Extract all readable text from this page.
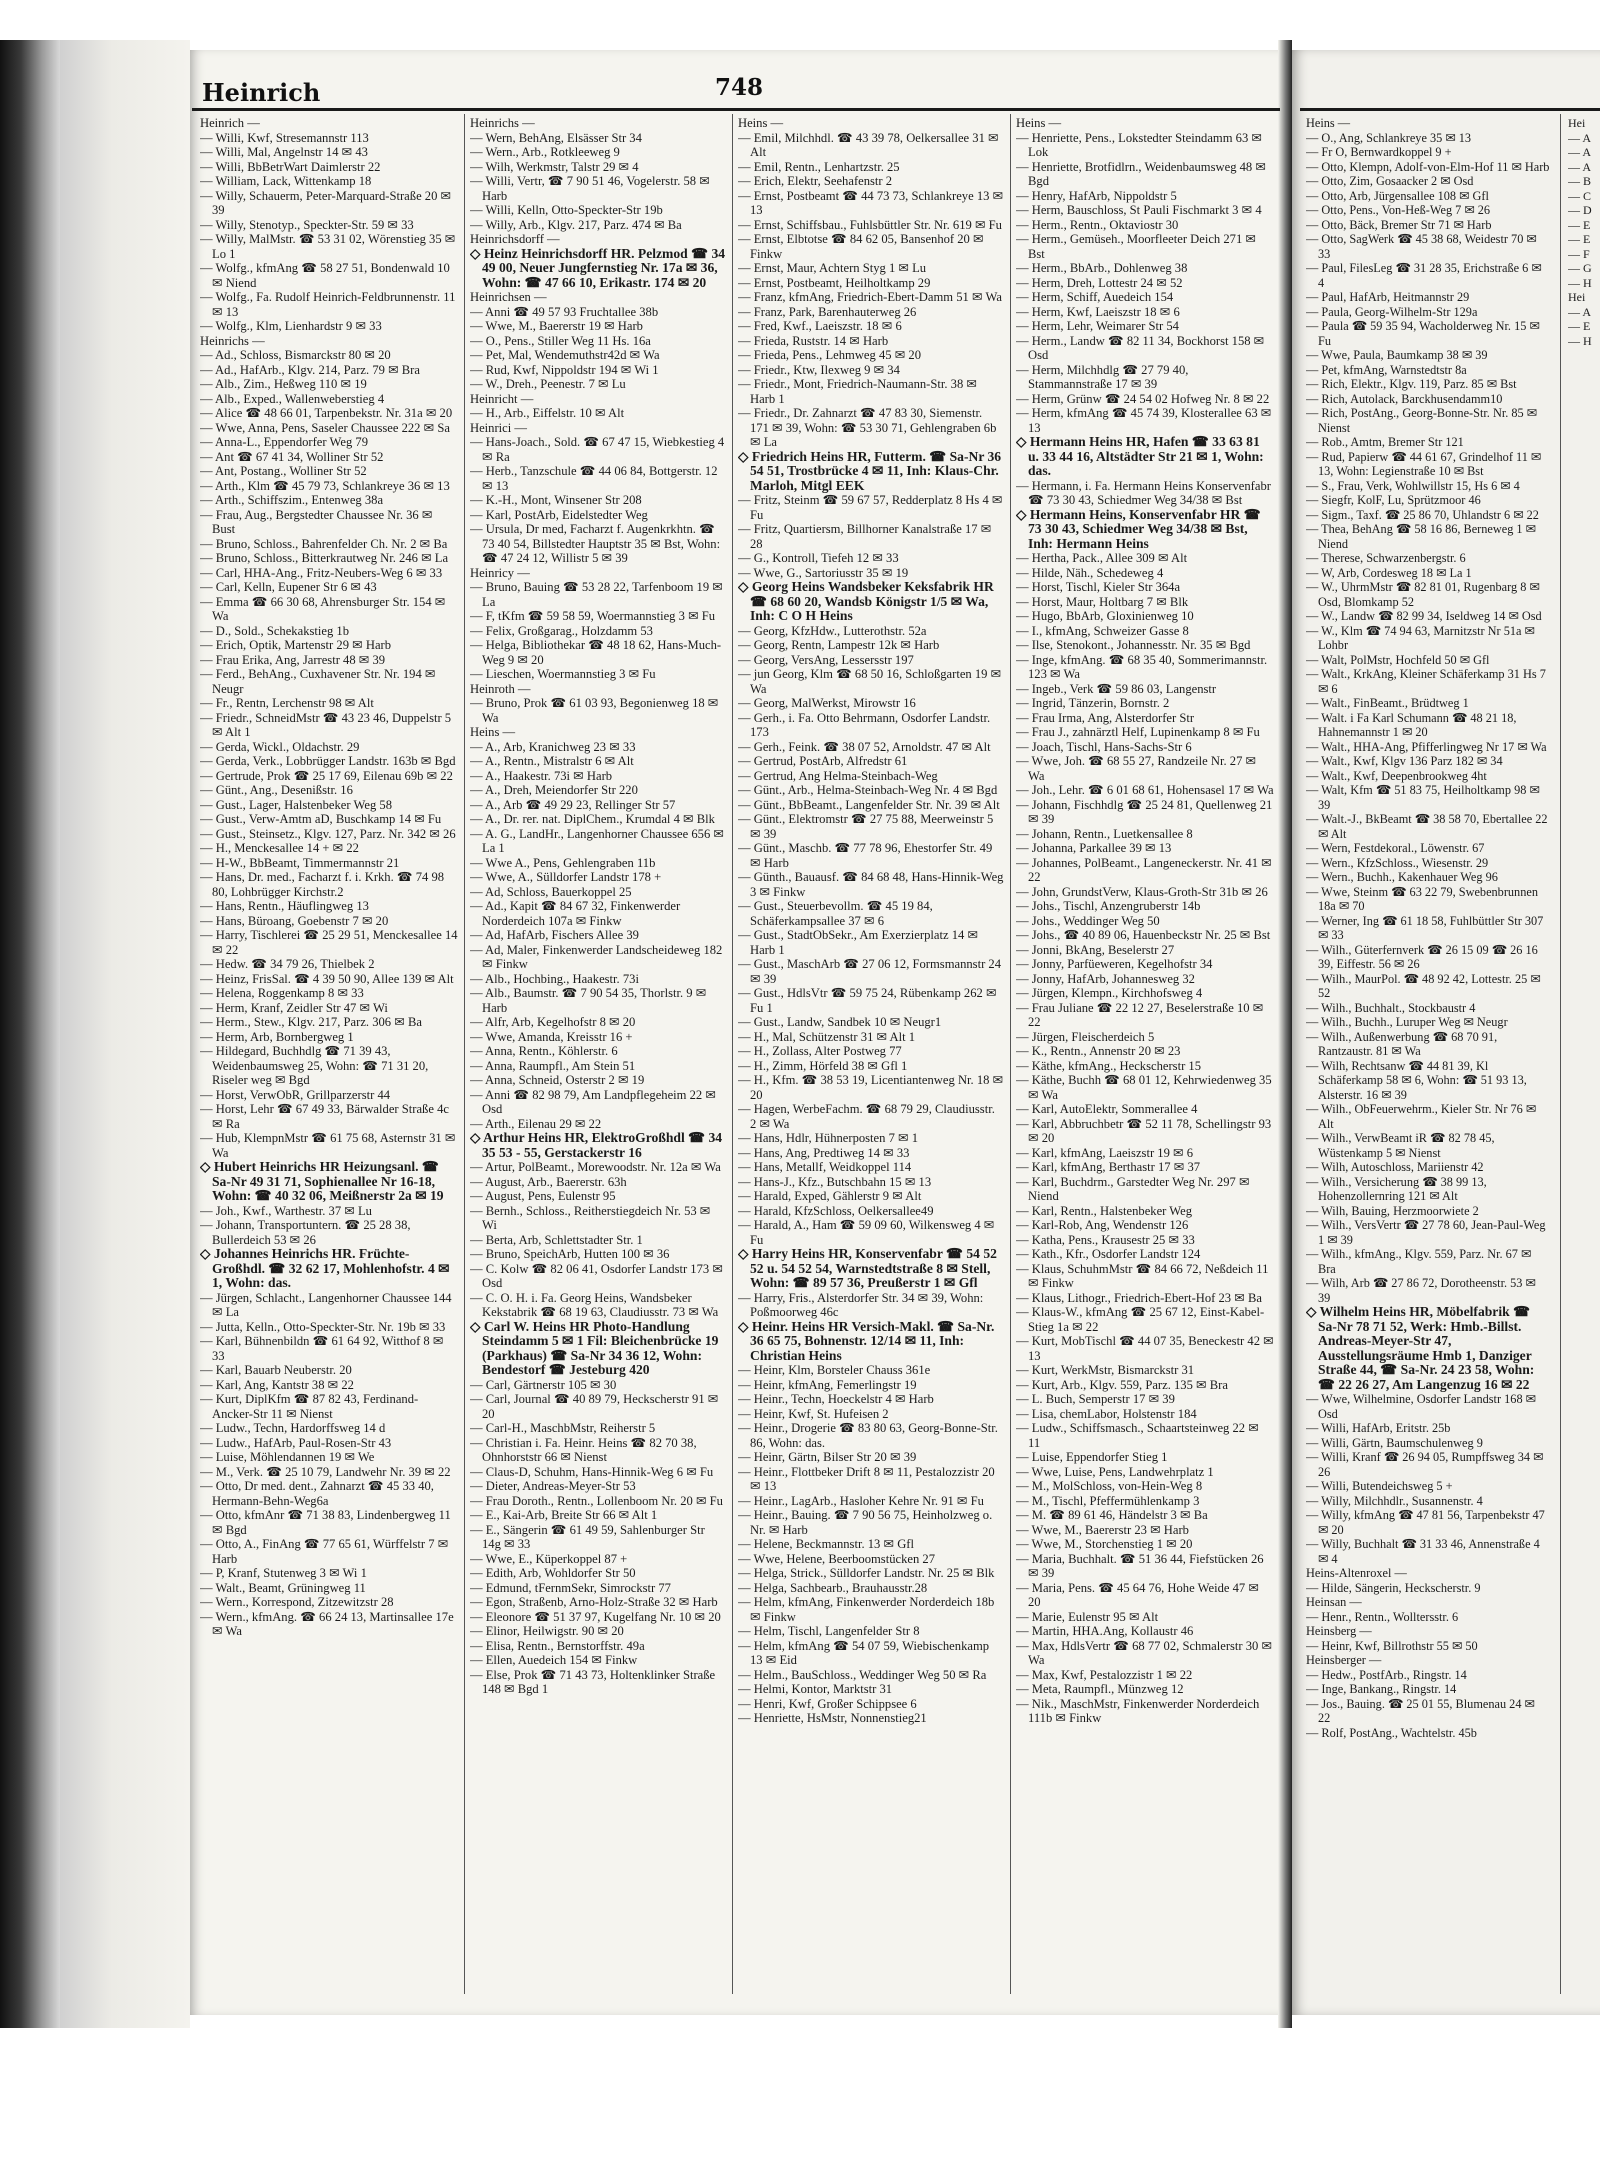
Heinrich	748

Heinrich —

— Willi, Kwf, Stresemannstr 113

— Willi, Mal, Angelnstr 14 ✉ 43

— Willi, BbBetrWart Daimlerstr 22

— William, Lack, Wittenkamp 18

— Willy, Schauerm, Peter-Marquard-Straße 20 ✉ 39

— Willy, Stenotyp., Speckter-Str. 59 ✉ 33

— Willy, MalMstr. ☎ 53 31 02, Wörenstieg 35 ✉ Lo 1

— Wolfg., kfmAng ☎ 58 27 51, Bondenwald 10 ✉ Niend

— Wolfg., Fa. Rudolf Heinrich-Feldbrunnenstr. 11 ✉ 13

— Wolfg., Klm, Lienhardstr 9 ✉ 33

Heinrichs —

— Ad., Schloss, Bismarckstr 80 ✉ 20

— Ad., HafArb., Klgv. 214, Parz. 79 ✉ Bra

— Alb., Zim., Heßweg 110 ✉ 19

— Alb., Exped., Wallenweberstieg 4

— Alice ☎ 48 66 01, Tarpenbekstr. Nr. 31a ✉ 20

— Wwe, Anna, Pens, Saseler Chaussee 222 ✉ Sa

— Anna-L., Eppendorfer Weg 79

— Ant ☎ 67 41 34, Wolliner Str 52

— Ant, Postang., Wolliner Str 52

— Arth., Klm ☎ 45 79 73, Schlankreye 36 ✉ 13

— Arth., Schiffszim., Entenweg 38a

— Frau, Aug., Bergstedter Chaussee Nr. 36 ✉ Bust

— Bruno, Schloss., Bahrenfelder Ch. Nr. 2 ✉ Ba

— Bruno, Schloss., Bitterkrautweg Nr. 246 ✉ La

— Carl, HHA-Ang., Fritz-Neubers-Weg 6 ✉ 33

— Carl, Kelln, Eupener Str 6 ✉ 43

— Emma ☎ 66 30 68, Ahrensburger Str. 154 ✉ Wa

— D., Sold., Schekakstieg 1b

— Erich, Optik, Martenstr 29 ✉ Harb

— Frau Erika, Ang, Jarrestr 48 ✉ 39

— Ferd., BehAng., Cuxhavener Str. Nr. 194 ✉ Neugr

— Fr., Rentn, Lerchenstr 98 ✉ Alt

— Friedr., SchneidMstr ☎ 43 23 46, Duppelstr 5 ✉ Alt 1

— Gerda, Wickl., Oldachstr. 29

— Gerda, Verk., Lobbrügger Landstr. 163b ✉ Bgd

— Gertrude, Prok ☎ 25 17 69, Eilenau 69b ✉ 22

— Günt., Ang., Desenißstr. 16

— Gust., Lager, Halstenbeker Weg 58

— Gust., Verw-Amtm aD, Buschkamp 14 ✉ Fu

— Gust., Steinsetz., Klgv. 127, Parz. Nr. 342 ✉ 26

— H., Menckesallee 14 + ✉ 22

— H-W., BbBeamt, Timmermannstr 21

— Hans, Dr. med., Facharzt f. i. Krkh. ☎ 74 98 80, Lohbrügger Kirchstr.2

— Hans, Rentn., Häuflingweg 13

— Hans, Büroang, Goebenstr 7 ✉ 20

— Harry, Tischlerei ☎ 25 29 51, Menckesallee 14 ✉ 22

— Hedw. ☎ 34 79 26, Thielbek 2

— Heinz, FrisSal. ☎ 4 39 50 90, Allee 139 ✉ Alt

— Helena, Roggenkamp 8 ✉ 33

— Herm, Kranf, Zeidler Str 47 ✉ Wi

— Herm., Stew., Klgv. 217, Parz. 306 ✉ Ba

— Herm, Arb, Bornbergweg 1

— Hildegard, Buchhdlg ☎ 71 39 43, Weidenbaumsweg 25, Wohn: ☎ 71 31 20, Riseler weg ✉ Bgd

— Horst, VerwObR, Grillparzerstr 44

— Horst, Lehr ☎ 67 49 33, Bärwalder Straße 4c ✉ Ra

— Hub, KlempnMstr ☎ 61 75 68, Asternstr 31 ✉ Wa

◇ Hubert Heinrichs HR Heizungsanl. ☎ Sa-Nr 49 31 71, Sophienallee Nr 16-18, Wohn: ☎ 40 32 06, Meißnerstr 2a ✉ 19

— Joh., Kwf., Warthestr. 37 ✉ Lu

— Johann, Transportuntern. ☎ 25 28 38, Bullerdeich 53 ✉ 26

◇ Johannes Heinrichs HR. Früchte-Großhdl. ☎ 32 62 17, Mohlenhofstr. 4 ✉ 1, Wohn: das.

— Jürgen, Schlacht., Langenhorner Chaussee 144 ✉ La

— Jutta, Kelln., Otto-Speckter-Str. Nr. 19b ✉ 33

— Karl, Bühnenbildn ☎ 61 64 92, Witthof 8 ✉ 33

— Karl, Bauarb Neuberstr. 20

— Karl, Ang, Kantstr 38 ✉ 22

— Kurt, DiplKfm ☎ 87 82 43, Ferdinand-Ancker-Str 11 ✉ Nienst

— Ludw., Techn, Hardorffsweg 14 d

— Ludw., HafArb, Paul-Rosen-Str 43

— Luise, Möhlendannen 19 ✉ We

— M., Verk. ☎ 25 10 79, Landwehr Nr. 39 ✉ 22

— Otto, Dr med. dent., Zahnarzt ☎ 45 33 40, Hermann-Behn-Weg6a

— Otto, kfmAnr ☎ 71 38 83, Lindenbergweg 11 ✉ Bgd

— Otto, A., FinAng ☎ 77 65 61, Würffelstr 7 ✉ Harb

— P, Kranf, Stutenweg 3 ✉ Wi 1

— Walt., Beamt, Grüningweg 11

— Wern., Korrespond, Zitzewitzstr 28

— Wern., kfmAng. ☎ 66 24 13, Martinsallee 17e ✉ Wa

Heinrichs —

— Wern, BehAng, Elsässer Str 34

— Wern., Arb., Rotkleeweg 9

— Wilh, Werkmstr, Talstr 29 ✉ 4

— Willi, Vertr, ☎ 7 90 51 46, Vogelerstr. 58 ✉ Harb

— Willi, Kelln, Otto-Speckter-Str 19b

— Willy, Arb., Klgv. 217, Parz. 474 ✉ Ba

Heinrichsdorff —

◇ Heinz Heinrichsdorff HR. Pelzmod ☎ 34 49 00, Neuer Jungfernstieg Nr. 17a ✉ 36, Wohn: ☎ 47 66 10, Erikastr. 174 ✉ 20

Heinrichsen —

— Anni ☎ 49 57 93 Fruchtallee 38b

— Wwe, M., Baererstr 19 ✉ Harb

— O., Pens., Stiller Weg 11 Hs. 16a

— Pet, Mal, Wendemuthstr42d ✉ Wa

— Rud, Kwf, Nippoldstr 194 ✉ Wi 1

— W., Dreh., Peenestr. 7 ✉ Lu

Heinricht —

— H., Arb., Eiffelstr. 10 ✉ Alt

Heinrici —

— Hans-Joach., Sold. ☎ 67 47 15, Wiebkestieg 4 ✉ Ra

— Herb., Tanzschule ☎ 44 06 84, Bottgerstr. 12 ✉ 13

— K.-H., Mont, Winsener Str 208

— Karl, PostArb, Eidelstedter Weg

— Ursula, Dr med, Facharzt f. Augenkrkhtn. ☎ 73 40 54, Billstedter Hauptstr 35 ✉ Bst, Wohn: ☎ 47 24 12, Willistr 5 ✉ 39

Heinricy —

— Bruno, Bauing ☎ 53 28 22, Tarfenboom 19 ✉ La

— F, tKfm ☎ 59 58 59, Woermannstieg 3 ✉ Fu

— Felix, Großgarag., Holzdamm 53

— Helga, Bibliothekar ☎ 48 18 62, Hans-Much-Weg 9 ✉ 20

— Lieschen, Woermannstieg 3 ✉ Fu

Heinroth —

— Bruno, Prok ☎ 61 03 93, Begonienweg 18 ✉ Wa

Heins —

— A., Arb, Kranichweg 23 ✉ 33

— A., Rentn., Mistralstr 6 ✉ Alt

— A., Haakestr. 73i ✉ Harb

— A., Dreh, Meiendorfer Str 220

— A., Arb ☎ 49 29 23, Rellinger Str 57

— A., Dr. rer. nat. DiplChem., Krumdal 4 ✉ Blk

— A. G., LandHr., Langenhorner Chaussee 656 ✉ La 1

— Wwe A., Pens, Gehlengraben 11b

— Wwe, A., Sülldorfer Landstr 178 +

— Ad, Schloss, Bauerkoppel 25

— Ad., Kapit ☎ 84 67 32, Finkenwerder Norderdeich 107a ✉ Finkw

— Ad, HafArb, Fischers Allee 39

— Ad, Maler, Finkenwerder Landscheideweg 182 ✉ Finkw

— Alb., Hochbing., Haakestr. 73i

— Alb., Baumstr. ☎ 7 90 54 35, Thorlstr. 9 ✉ Harb

— Alfr, Arb, Kegelhofstr 8 ✉ 20

— Wwe, Amanda, Kreisstr 16 +

— Anna, Rentn., Köhlerstr. 6

— Anna, Raumpfl., Am Stein 51

— Anna, Schneid, Osterstr 2 ✉ 19

— Anni ☎ 82 98 79, Am Landpflegeheim 22 ✉ Osd

— Arth., Eilenau 29 ✉ 22

◇ Arthur Heins HR, ElektroGroßhdl ☎ 34 35 53 - 55, Gerstackerstr 16

— Artur, PolBeamt., Morewoodstr. Nr. 12a ✉ Wa

— August, Arb., Baererstr. 63h

— August, Pens, Eulenstr 95

— Bernh., Schloss., Reitherstiegdeich Nr. 53 ✉ Wi

— Berta, Arb, Schlettstadter Str. 1

— Bruno, SpeichArb, Hutten 100 ✉ 36

— C. Kolw ☎ 82 06 41, Osdorfer Landstr 173 ✉ Osd

— C. O. H. i. Fa. Georg Heins, Wandsbeker Kekstabrik ☎ 68 19 63, Claudiusstr. 73 ✉ Wa

◇ Carl W. Heins HR Photo-Handlung Steindamm 5 ✉ 1 Fil: Bleichenbrücke 19 (Parkhaus) ☎ Sa-Nr 34 36 12, Wohn: Bendestorf ☎ Jesteburg 420

— Carl, Gärtnerstr 105 ✉ 30

— Carl, Journal ☎ 40 89 79, Heckscherstr 91 ✉ 20

— Carl-H., MaschbMstr, Reiherstr 5

— Christian i. Fa. Heinr. Heins ☎ 82 70 38, Ohnhorststr 66 ✉ Nienst

— Claus-D, Schuhm, Hans-Hinnik-Weg 6 ✉ Fu

— Dieter, Andreas-Meyer-Str 53

— Frau Doroth., Rentn., Lollenboom Nr. 20 ✉ Fu

— E., Kai-Arb, Breite Str 66 ✉ Alt 1

— E., Sängerin ☎ 61 49 59, Sahlenburger Str 14g ✉ 33

— Wwe, E., Küperkoppel 87 +

— Edith, Arb, Wohldorfer Str 50

— Edmund, tFernmSekr, Simrockstr 77

— Egon, Straßenb, Arno-Holz-Straße 32 ✉ Harb

— Eleonore ☎ 51 37 97, Kugelfang Nr. 10 ✉ 20

— Elinor, Heilwigstr. 90 ✉ 20

— Elisa, Rentn., Bernstorffstr. 49a

— Ellen, Auedeich 154 ✉ Finkw

— Else, Prok ☎ 71 43 73, Holtenklinker Straße 148 ✉ Bgd 1

Heins —

— Emil, Milchhdl. ☎ 43 39 78, Oelkersallee 31 ✉ Alt

— Emil, Rentn., Lenhartzstr. 25

— Erich, Elektr, Seehafenstr 2

— Ernst, Postbeamt ☎ 44 73 73, Schlankreye 13 ✉ 13

— Ernst, Schiffsbau., Fuhlsbüttler Str. Nr. 619 ✉ Fu

— Ernst, Elbtotse ☎ 84 62 05, Bansenhof 20 ✉ Finkw

— Ernst, Maur, Achtern Styg 1 ✉ Lu

— Ernst, Postbeamt, Heilholtkamp 29

— Franz, kfmAng, Friedrich-Ebert-Damm 51 ✉ Wa

— Franz, Park, Barenhauterweg 26

— Fred, Kwf., Laeiszstr. 18 ✉ 6

— Frieda, Ruststr. 14 ✉ Harb

— Frieda, Pens., Lehmweg 45 ✉ 20

— Friedr., Ktw, Ilexweg 9 ✉ 34

— Friedr., Mont, Friedrich-Naumann-Str. 38 ✉ Harb 1

— Friedr., Dr. Zahnarzt ☎ 47 83 30, Siemenstr. 171 ✉ 39, Wohn: ☎ 53 30 71, Gehlengraben 6b ✉ La

◇ Friedrich Heins HR, Futterm. ☎ Sa-Nr 36 54 51, Trostbrücke 4 ✉ 11, Inh: Klaus-Chr. Marloh, Mitgl EEK

— Fritz, Steinm ☎ 59 67 57, Redderplatz 8 Hs 4 ✉ Fu

— Fritz, Quartiersm, Billhorner Kanalstraße 17 ✉ 28

— G., Kontroll, Tiefeh 12 ✉ 33

— Wwe, G., Sartoriusstr 35 ✉ 19

◇ Georg Heins Wandsbeker Keksfabrik HR ☎ 68 60 20, Wandsb Königstr 1/5 ✉ Wa, Inh: C O H Heins

— Georg, KfzHdw., Lutterothstr. 52a

— Georg, Rentn, Lampestr 12k ✉ Harb

— Georg, VersAng, Lessersstr 197

— jun Georg, Klm ☎ 68 50 16, Schloßgarten 19 ✉ Wa

— Georg, MalWerkst, Mirowstr 16

— Gerh., i. Fa. Otto Behrmann, Osdorfer Landstr. 173

— Gerh., Feink. ☎ 38 07 52, Arnoldstr. 47 ✉ Alt

— Gertrud, PostArb, Alfredstr 61

— Gertrud, Ang Helma-Steinbach-Weg

— Günt., Arb., Helma-Steinbach-Weg Nr. 4 ✉ Bgd

— Günt., BbBeamt., Langenfelder Str. Nr. 39 ✉ Alt

— Günt., Elektromstr ☎ 27 75 88, Meerweinstr 5 ✉ 39

— Günt., Maschb. ☎ 77 78 96, Ehestorfer Str. 49 ✉ Harb

— Günth., Bauausf. ☎ 84 68 48, Hans-Hinnik-Weg 3 ✉ Finkw

— Gust., Steuerbevollm. ☎ 45 19 84, Schäferkampsallee 37 ✉ 6

— Gust., StadtObSekr., Am Exerzierplatz 14 ✉ Harb 1

— Gust., MaschArb ☎ 27 06 12, Formsmannstr 24 ✉ 39

— Gust., HdlsVtr ☎ 59 75 24, Rübenkamp 262 ✉ Fu 1

— Gust., Landw, Sandbek 10 ✉ Neugr1

— H., Mal, Schützenstr 31 ✉ Alt 1

— H., Zollass, Alter Postweg 77

— H., Zimm, Hörfeld 38 ✉ Gfl 1

— H., Kfm. ☎ 38 53 19, Licentiantenweg Nr. 18 ✉ 20

— Hagen, WerbeFachm. ☎ 68 79 29, Claudiusstr. 2 ✉ Wa

— Hans, Hdlr, Hühnerposten 7 ✉ 1

— Hans, Ang, Predtiweg 14 ✉ 33

— Hans, Metallf, Weidkoppel 114

— Hans-J., Kfz., Butschbahn 15 ✉ 13

— Harald, Exped, Gählerstr 9 ✉ Alt

— Harald, KfzSchloss, Oelkersallee49

— Harald, A., Ham ☎ 59 09 60, Wilkensweg 4 ✉ Fu

◇ Harry Heins HR, Konservenfabr ☎ 54 52 52 u. 54 52 54, Warnstedtstraße 8 ✉ Stell, Wohn: ☎ 89 57 36, Preußerstr 1 ✉ Gfl

— Harry, Fris., Alsterdorfer Str. 34 ✉ 39, Wohn: Poßmoorweg 46c

◇ Heinr. Heins HR Versich-Makl. ☎ Sa-Nr. 36 65 75, Bohnenstr. 12/14 ✉ 11, Inh: Christian Heins

— Heinr, Klm, Borsteler Chauss 361e

— Heinr, kfmAng, Femerlingstr 19

— Heinr., Techn, Hoeckelstr 4 ✉ Harb

— Heinr, Kwf, St. Hufeisen 2

— Heinr., Drogerie ☎ 83 80 63, Georg-Bonne-Str. 86, Wohn: das.

— Heinr, Gärtn, Bilser Str 20 ✉ 39

— Heinr., Flottbeker Drift 8 ✉ 11, Pestalozzistr 20 ✉ 13

— Heinr., LagArb., Hasloher Kehre Nr. 91 ✉ Fu

— Heinr., Bauing. ☎ 7 90 56 75, Heinholzweg o. Nr. ✉ Harb

— Helene, Beckmannstr. 13 ✉ Gfl

— Wwe, Helene, Beerboomstücken 27

— Helga, Strick., Sülldorfer Landstr. Nr. 25 ✉ Blk

— Helga, Sachbearb., Brauhausstr.28

— Helm, kfmAng, Finkenwerder Norderdeich 18b ✉ Finkw

— Helm, Tischl, Langenfelder Str 8

— Helm, kfmAng ☎ 54 07 59, Wiebischenkamp 13 ✉ Eid

— Helm., BauSchloss., Weddinger Weg 50 ✉ Ra

— Helmi, Kontor, Marktstr 31

— Henri, Kwf, Großer Schippsee 6

— Henriette, HsMstr, Nonnenstieg21

Heins —

— Henriette, Pens., Lokstedter Steindamm 63 ✉ Lok

— Henriette, Brotfidlrn., Weidenbaumsweg 48 ✉ Bgd

— Henry, HafArb, Nippoldstr 5

— Herm, Bauschloss, St Pauli Fischmarkt 3 ✉ 4

— Herm., Rentn., Oktaviostr 30

— Herm., Gemüseh., Moorfleeter Deich 271 ✉ Bst

— Herm., BbArb., Dohlenweg 38

— Herm, Dreh, Lottestr 24 ✉ 52

— Herm, Schiff, Auedeich 154

— Herm, Kwf, Laeiszstr 18 ✉ 6

— Herm, Lehr, Weimarer Str 54

— Herm., Landw ☎ 82 11 34, Bockhorst 158 ✉ Osd

— Herm, Milchhdlg ☎ 27 79 40, Stammannstraße 17 ✉ 39

— Herm, Grünw ☎ 24 54 02 Hofweg Nr. 8 ✉ 22

— Herm, kfmAng ☎ 45 74 39, Klosterallee 63 ✉ 13

◇ Hermann Heins HR, Hafen ☎ 33 63 81 u. 33 44 16, Altstädter Str 21 ✉ 1, Wohn: das.

— Hermann, i. Fa. Hermann Heins Konservenfabr ☎ 73 30 43, Schiedmer Weg 34/38 ✉ Bst

◇ Hermann Heins, Konservenfabr HR ☎ 73 30 43, Schiedmer Weg 34/38 ✉ Bst, Inh: Hermann Heins

— Hertha, Pack., Allee 309 ✉ Alt

— Hilde, Näh., Schedeweg 4

— Horst, Tischl, Kieler Str 364a

— Horst, Maur, Holtbarg 7 ✉ Blk

— Hugo, BbArb, Gloxinienweg 10

— I., kfmAng, Schweizer Gasse 8

— Ilse, Stenokont., Johannesstr. Nr. 35 ✉ Bgd

— Inge, kfmAng. ☎ 68 35 40, Sommerimannstr. 123 ✉ Wa

— Ingeb., Verk ☎ 59 86 03, Langenstr

— Ingrid, Tänzerin, Bornstr. 2

— Frau Irma, Ang, Alsterdorfer Str

— Frau J., zahnärztl Helf, Lupinenkamp 8 ✉ Fu

— Joach, Tischl, Hans-Sachs-Str 6

— Wwe, Joh. ☎ 68 55 27, Randzeile Nr. 27 ✉ Wa

— Joh., Lehr. ☎ 6 01 68 61, Hohensasel 17 ✉ Wa

— Johann, Fischhdlg ☎ 25 24 81, Quellenweg 21 ✉ 39

— Johann, Rentn., Luetkensallee 8

— Johanna, Parkallee 39 ✉ 13

— Johannes, PolBeamt., Langeneckerstr. Nr. 41 ✉ 22

— John, GrundstVerw, Klaus-Groth-Str 31b ✉ 26

— Johs., Tischl, Anzengruberstr 14b

— Johs., Weddinger Weg 50

— Johs., ☎ 40 89 06, Hauenbeckstr Nr. 25 ✉ Bst

— Jonni, BkAng, Beselerstr 27

— Jonny, Parfüeweren, Kegelhofstr 34

— Jonny, HafArb, Johannesweg 32

— Jürgen, Klempn., Kirchhofsweg 4

— Frau Juliane ☎ 22 12 27, Beselerstraße 10 ✉ 22

— Jürgen, Fleischerdeich 5

— K., Rentn., Annenstr 20 ✉ 23

— Käthe, kfmAng., Heckscherstr 15

— Käthe, Buchh ☎ 68 01 12, Kehrwiedenweg 35 ✉ Wa

— Karl, AutoElektr, Sommerallee 4

— Karl, Abbruchbetr ☎ 52 11 78, Schellingstr 93 ✉ 20

— Karl, kfmAng, Laeiszstr 19 ✉ 6

— Karl, kfmAng, Berthastr 17 ✉ 37

— Karl, Buchdrm., Garstedter Weg Nr. 297 ✉ Niend

— Karl, Rentn., Halstenbeker Weg

— Karl-Rob, Ang, Wendenstr 126

— Katha, Pens., Krausestr 25 ✉ 33

— Kath., Kfr., Osdorfer Landstr 124

— Klaus, SchuhmMstr ☎ 84 66 72, Neßdeich 11 ✉ Finkw

— Klaus, Lithogr., Friedrich-Ebert-Hof 23 ✉ Ba

— Klaus-W., kfmAng ☎ 25 67 12, Einst-Kabel-Stieg 1a ✉ 22

— Kurt, MobTischl ☎ 44 07 35, Beneckestr 42 ✉ 13

— Kurt, WerkMstr, Bismarckstr 31

— Kurt, Arb., Klgv. 559, Parz. 135 ✉ Bra

— L. Buch, Semperstr 17 ✉ 39

— Lisa, chemLabor, Holstenstr 184

— Ludw., Schiffsmasch., Schaartsteinweg 22 ✉ 11

— Luise, Eppendorfer Stieg 1

— Wwe, Luise, Pens, Landwehrplatz 1

— M., MolSchloss, von-Hein-Weg 8

— M., Tischl, Pfeffermühlenkamp 3

— M. ☎ 89 61 46, Händelstr 3 ✉ Ba

— Wwe, M., Baererstr 23 ✉ Harb

— Wwe, M., Storchenstieg 1 ✉ 20

— Maria, Buchhalt. ☎ 51 36 44, Fiefstücken 26 ✉ 39

— Maria, Pens. ☎ 45 64 76, Hohe Weide 47 ✉ 20

— Marie, Eulenstr 95 ✉ Alt

— Martin, HHA.Ang, Kollaustr 46

— Max, HdlsVertr ☎ 68 77 02, Schmalerstr 30 ✉ Wa

— Max, Kwf, Pestalozzistr 1 ✉ 22

— Meta, Raumpfl., Münzweg 12

— Nik., MaschMstr, Finkenwerder Norderdeich 111b ✉ Finkw

Heins —

— O., Ang, Schlankreye 35 ✉ 13

— Fr O, Bernwardkoppel 9 +

— Otto, Klempn, Adolf-von-Elm-Hof 11 ✉ Harb

— Otto, Zim, Gosaacker 2 ✉ Osd

— Otto, Arb, Jürgensallee 108 ✉ Gfl

— Otto, Pens., Von-Heß-Weg 7 ✉ 26

— Otto, Bäck, Bremer Str 71 ✉ Harb

— Otto, SagWerk ☎ 45 38 68, Weidestr 70 ✉ 33

— Paul, FilesLeg ☎ 31 28 35, Erichstraße 6 ✉ 4

— Paul, HafArb, Heitmannstr 29

— Paula, Georg-Wilhelm-Str 129a

— Paula ☎ 59 35 94, Wacholderweg Nr. 15 ✉ Fu

— Wwe, Paula, Baumkamp 38 ✉ 39

— Pet, kfmAng, Warnstedtstr 8a

— Rich, Elektr., Klgv. 119, Parz. 85 ✉ Bst

— Rich, Autolack, Barckhusendamm10

— Rich, PostAng., Georg-Bonne-Str. Nr. 85 ✉ Nienst

— Rob., Amtm, Bremer Str 121

— Rud, Papierw ☎ 44 61 67, Grindelhof 11 ✉ 13, Wohn: Legienstraße 10 ✉ Bst

— S., Frau, Verk, Wohlwillstr 15, Hs 6 ✉ 4

— Siegfr, KolF, Lu, Sprützmoor 46

— Sigm., Taxf. ☎ 25 86 70, Uhlandstr 6 ✉ 22

— Thea, BehAng ☎ 58 16 86, Berneweg 1 ✉ Niend

— Therese, Schwarzenbergstr. 6

— W, Arb, Cordesweg 18 ✉ La 1

— W., UhrmMstr ☎ 82 81 01, Rugenbarg 8 ✉ Osd, Blomkamp 52

— W., Landw ☎ 82 99 34, Iseldweg 14 ✉ Osd

— W., Klm ☎ 74 94 63, Marnitzstr Nr 51a ✉ Lohbr

— Walt, PolMstr, Hochfeld 50 ✉ Gfl

— Walt., KrkAng, Kleiner Schäferkamp 31 Hs 7 ✉ 6

— Walt., FinBeamt., Brüdtweg 1

— Walt. i Fa Karl Schumann ☎ 48 21 18, Hahnemannstr 1 ✉ 20

— Walt., HHA-Ang, Pfifferlingweg Nr 17 ✉ Wa

— Walt., Kwf, Klgv 136 Parz 182 ✉ 34

— Walt., Kwf, Deepenbrookweg 4ht

— Walt, Kfm ☎ 51 83 75, Heilholtkamp 98 ✉ 39

— Walt.-J., BkBeamt ☎ 38 58 70, Ebertallee 22 ✉ Alt

— Wern, Festdekoral., Löwenstr. 67

— Wern., KfzSchloss., Wiesenstr. 29

— Wern., Buchh., Kakenhauer Weg 96

— Wwe, Steinm ☎ 63 22 79, Swebenbrunnen 18a ✉ 70

— Werner, Ing ☎ 61 18 58, Fuhlbüttler Str 307 ✉ 33

— Wilh., Güterfernverk ☎ 26 15 09 ☎ 26 16 39, Eiffestr. 56 ✉ 26

— Wilh., MaurPol. ☎ 48 92 42, Lottestr. 25 ✉ 52

— Wilh., Buchhalt., Stockbaustr 4

— Wilh., Buchh., Luruper Weg ✉ Neugr

— Wilh., Außenwerbung ☎ 68 70 91, Rantzaustr. 81 ✉ Wa

— Wilh, Rechtsanw ☎ 44 81 39, Kl Schäferkamp 58 ✉ 6, Wohn: ☎ 51 93 13, Alsterstr. 16 ✉ 39

— Wilh., ObFeuerwehrm., Kieler Str. Nr 76 ✉ Alt

— Wilh., VerwBeamt iR ☎ 82 78 45, Wüstenkamp 5 ✉ Nienst

— Wilh, Autoschloss, Mariienstr 42

— Wilh., Versicherung ☎ 38 99 13, Hohenzollernring 121 ✉ Alt

— Wilh, Bauing, Herzmoorwiete 2

— Wilh., VersVertr ☎ 27 78 60, Jean-Paul-Weg 1 ✉ 39

— Wilh., kfmAng., Klgv. 559, Parz. Nr. 67 ✉ Bra

— Wilh, Arb ☎ 27 86 72, Dorotheenstr. 53 ✉ 39

◇ Wilhelm Heins HR, Möbelfabrik ☎ Sa-Nr 78 71 52, Werk: Hmb.-Billst. Andreas-Meyer-Str 47, Ausstellungsräume Hmb 1, Danziger Straße 44, ☎ Sa-Nr. 24 23 58, Wohn: ☎ 22 26 27, Am Langenzug 16 ✉ 22

— Wwe, Wilhelmine, Osdorfer Landstr 168 ✉ Osd

— Willi, HafArb, Eritstr. 25b

— Willi, Gärtn, Baumschulenweg 9

— Willi, Kranf ☎ 26 94 05, Rumpffsweg 34 ✉ 26

— Willi, Butendeichsweg 5 +

— Willy, Milchhdlr., Susannenstr. 4

— Willy, kfmAng ☎ 47 81 56, Tarpenbekstr 47 ✉ 20

— Willy, Buchhalt ☎ 31 33 46, Annenstraße 4 ✉ 4

Heins-Altenroxel —

— Hilde, Sängerin, Heckscherstr. 9

Heinsan —

— Henr., Rentn., Wolltersstr. 6

Heinsberg —

— Heinr, Kwf, Billrothstr 55 ✉ 50

Heinsberger —

— Hedw., PostfArb., Ringstr. 14

— Inge, Bankang., Ringstr. 14

— Jos., Bauing. ☎ 25 01 55, Blumenau 24 ✉ 22

— Rolf, PostAng., Wachtelstr. 45b

Hei

— A

— A

— A

— B

— C

— D

— E

— E

— F

— G

— H

Hei

— A

— E

— H
